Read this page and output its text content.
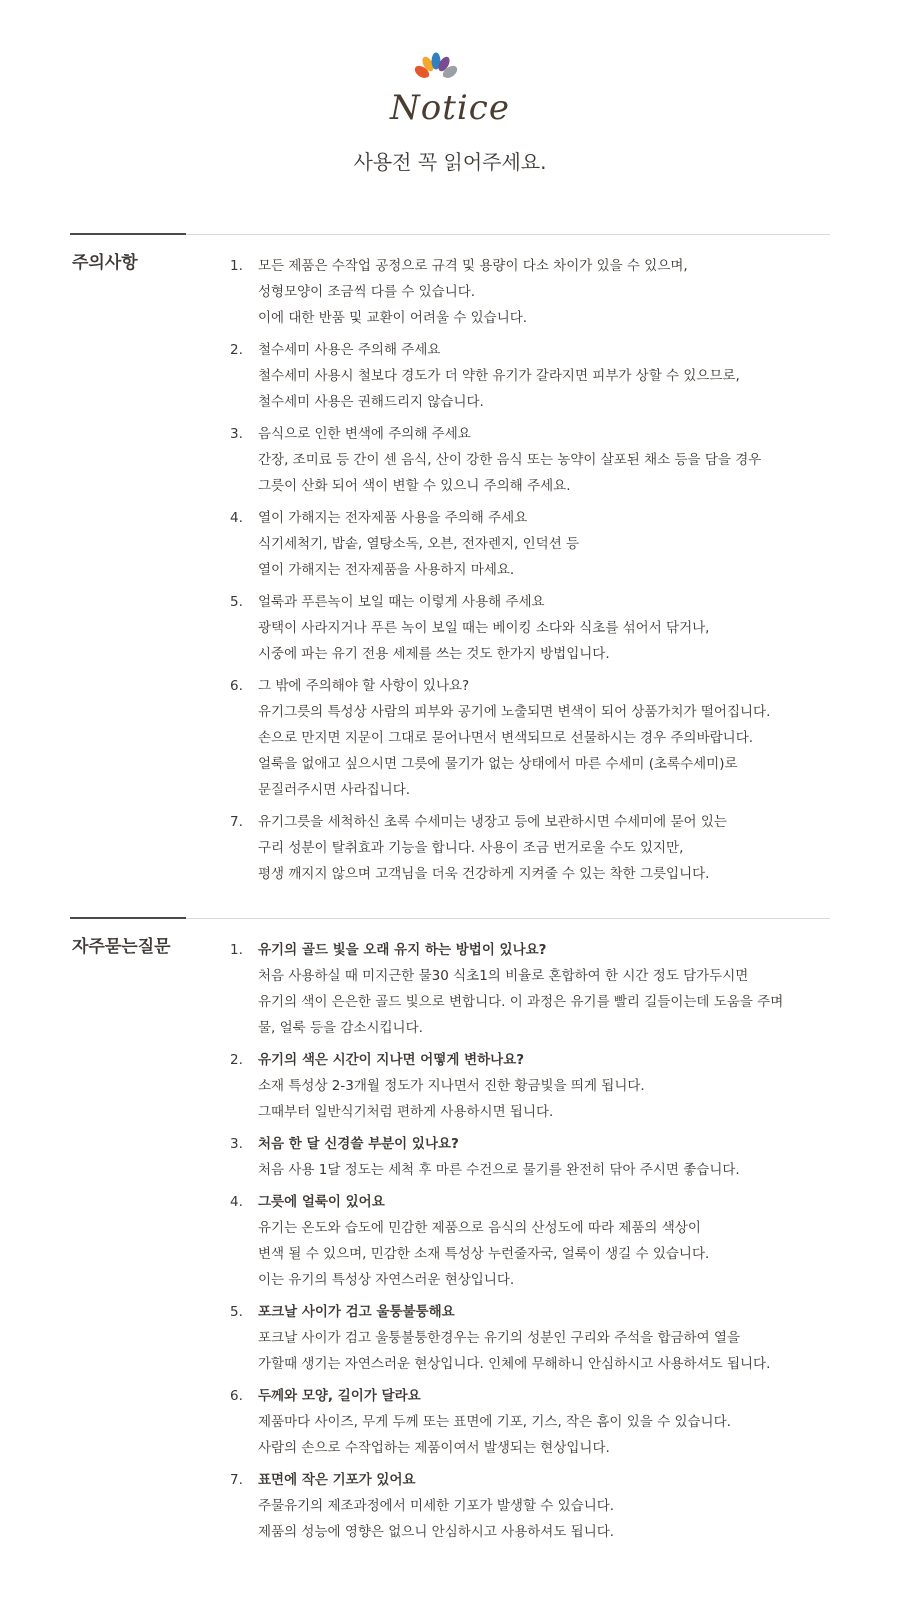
Notice
사용전 꼭 읽어주세요.
주의사항	1.	모든 제품은 수작업 공정으로 규격 및 용량이 다소 차이가 있을 수 있으며,
성형모양이 조금씩 다를 수 있습니다.
이에 대한 반품 및 교환이 어려울 수 있습니다.
2.	철수세미 사용은 주의해 주세요
철수세미 사용시 철보다 경도가 더 약한 유기가 갈라지면 피부가 상할 수 있으므로,
철수세미 사용은 권해드리지 않습니다.
3.	음식으로 인한 변색에 주의해 주세요
간장, 조미료 등 간이 센 음식, 산이 강한 음식 또는 농약이 살포된 채소 등을 담을 경우
그릇이 산화 되어 색이 변할 수 있으니 주의해 주세요.
4.	열이 가해지는 전자제품 사용을 주의해 주세요
식기세척기, 밥솥, 열탕소독, 오븐, 전자렌지, 인덕션 등
열이 가해지는 전자제품을 사용하지 마세요.
5.	얼룩과 푸른녹이 보일 때는 이렇게 사용해 주세요
광택이 사라지거나 푸른 녹이 보일 때는 베이킹 소다와 식초를 섞어서 닦거나,
시중에 파는 유기 전용 세제를 쓰는 것도 한가지 방법입니다.
6.	그 밖에 주의해야 할 사항이 있나요?
유기그릇의 특성상 사람의 피부와 공기에 노출되면 변색이 되어 상품가치가 떨어집니다.
손으로 만지면 지문이 그대로 묻어나면서 변색되므로 선물하시는 경우 주의바랍니다.
얼룩을 없애고 싶으시면 그릇에 물기가 없는 상태에서 마른 수세미 (초록수세미)로
문질러주시면 사라집니다.
7.	유기그릇을 세척하신 초록 수세미는 냉장고 등에 보관하시면 수세미에 묻어 있는
구리 성분이 탈취효과 기능을 합니다. 사용이 조금 번거로울 수도 있지만,
평생 깨지지 않으며 고객님을 더욱 건강하게 지켜줄 수 있는 착한 그릇입니다.
자주묻는질문	1.	유기의 골드 빛을 오래 유지 하는 방법이 있나요?
처음 사용하실 때 미지근한 물30 식초1의 비율로 혼합하여 한 시간 정도 담가두시면
유기의 색이 은은한 골드 빛으로 변합니다. 이 과정은 유기를 빨리 길들이는데 도움을 주며
물, 얼룩 등을 감소시킵니다.
2.	유기의 색은 시간이 지나면 어떻게 변하나요?
소재 특성상 2-3개월 정도가 지나면서 진한 황금빛을 띄게 됩니다.
그때부터 일반식기처럼 편하게 사용하시면 됩니다.
3.	처음 한 달 신경쓸 부분이 있나요?
처음 사용 1달 정도는 세척 후 마른 수건으로 물기를 완전히 닦아 주시면 좋습니다.
4.	그릇에 얼룩이 있어요
유기는 온도와 습도에 민감한 제품으로 음식의 산성도에 따라 제품의 색상이
변색 될 수 있으며, 민감한 소재 특성상 누런줄자국, 얼룩이 생길 수 있습니다.
이는 유기의 특성상 자연스러운 현상입니다.
5.	포크날 사이가 검고 울퉁불퉁해요
포크날 사이가 검고 울퉁불퉁한경우는 유기의 성분인 구리와 주석을 합금하여 열을
가할때 생기는 자연스러운 현상입니다. 인체에 무해하니 안심하시고 사용하셔도 됩니다.
6.	두께와 모양, 길이가 달라요
제품마다 사이즈, 무게 두께 또는 표면에 기포, 기스, 작은 흠이 있을 수 있습니다.
사람의 손으로 수작업하는 제품이여서 발생되는 현상입니다.
7.	표면에 작은 기포가 있어요
주물유기의 제조과정에서 미세한 기포가 발생할 수 있습니다.
제품의 성능에 영향은 없으니 안심하시고 사용하셔도 됩니다.
